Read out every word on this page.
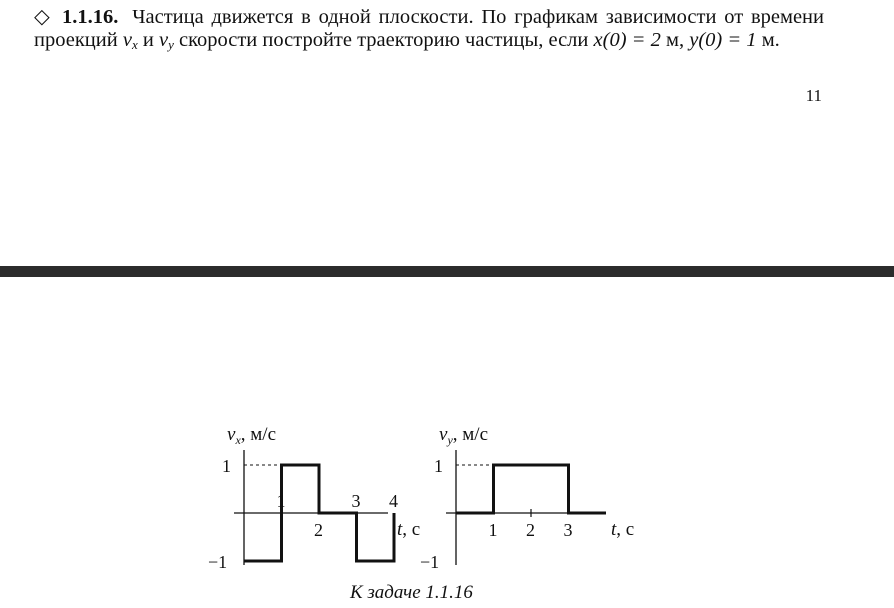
◇ 1.1.16. Частица движется в одной плоскости. По графикам зависимости от времени проекций $v_x$ и $v_y$ скорости постройте траекторию частицы, если x(0) = 2 м, y(0) = 1 м.
11
$v_x$, м/с
t, с
1
−1
1
2
3 4
$v_y$, м/с
t, с
1
−1
1 2 3
К задаче 1.1.16
